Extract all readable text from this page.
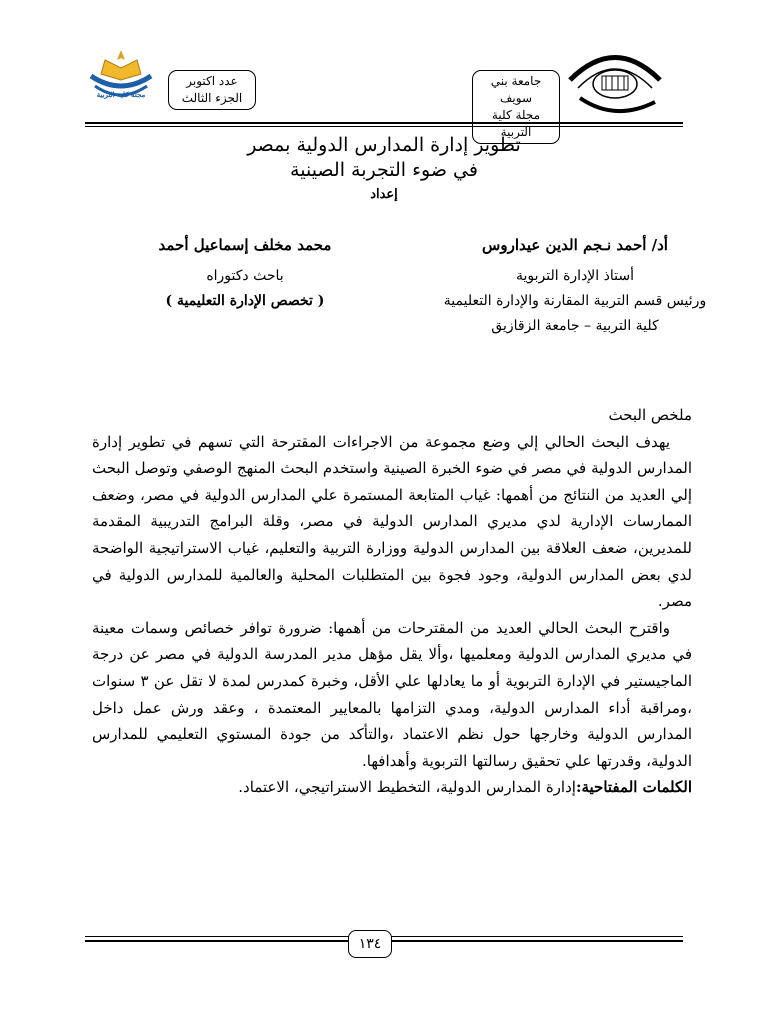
جامعة بني سويف
مجلة كلية التربية
عدد اكتوبر
الجزء الثالث
مجلة كلية التربية
تطوير إدارة المدارس الدولية بمصر
في ضوء التجربة الصينية
إعداد
أد/ أحمد نـجم الدين عيداروس
أستاذ الإدارة التربوية
ورئيس قسم التربية المقارنة والإدارة التعليمية
كلية التربية – جامعة الزقازيق
محمد مخلف إسماعيل أحمد
باحث دكتوراه
( تخصص الإدارة التعليمية )

ملخص البحث

يهدف البحث الحالي إلي وضع مجموعة من الاجراءات المقترحة التي تسهم في تطوير إدارة المدارس الدولية في مصر في ضوء الخبرة الصينية واستخدم البحث المنهج الوصفي وتوصل البحث إلي العديد من النتائج من أهمها: غياب المتابعة المستمرة علي المدارس الدولية في مصر، وضعف الممارسات الإدارية لدي مديري المدارس الدولية في مصر، وقلة البرامج التدريبية المقدمة للمديرين، ضعف العلاقة بين المدارس الدولية ووزارة التربية والتعليم، غياب الاستراتيجية الواضحة لدي بعض المدارس الدولية، وجود فجوة بين المتطلبات المحلية والعالمية للمدارس الدولية في مصر.

واقترح البحث الحالي العديد من المقترحات من أهمها: ضرورة توافر خصائص وسمات معينة في مديري المدارس الدولية ومعلميها ،وألا يقل مؤهل مدير المدرسة الدولية في مصر عن درجة الماجيستير في الإدارة التربوية أو ما يعادلها علي الأقل، وخبرة كمدرس لمدة لا تقل عن ٣ سنوات ،ومراقبة أداء المدارس الدولية، ومدي التزامها بالمعايير المعتمدة ، وعقد ورش عمل داخل المدارس الدولية وخارجها حول نظم الاعتماد ،والتأكد من جودة المستوي التعليمي للمدارس الدولية، وقدرتها علي تحقيق رسالتها التربوية وأهدافها.

الكلمات المفتاحية:إدارة المدارس الدولية، التخطيط الاستراتيجي، الاعتماد.

١٣٤
